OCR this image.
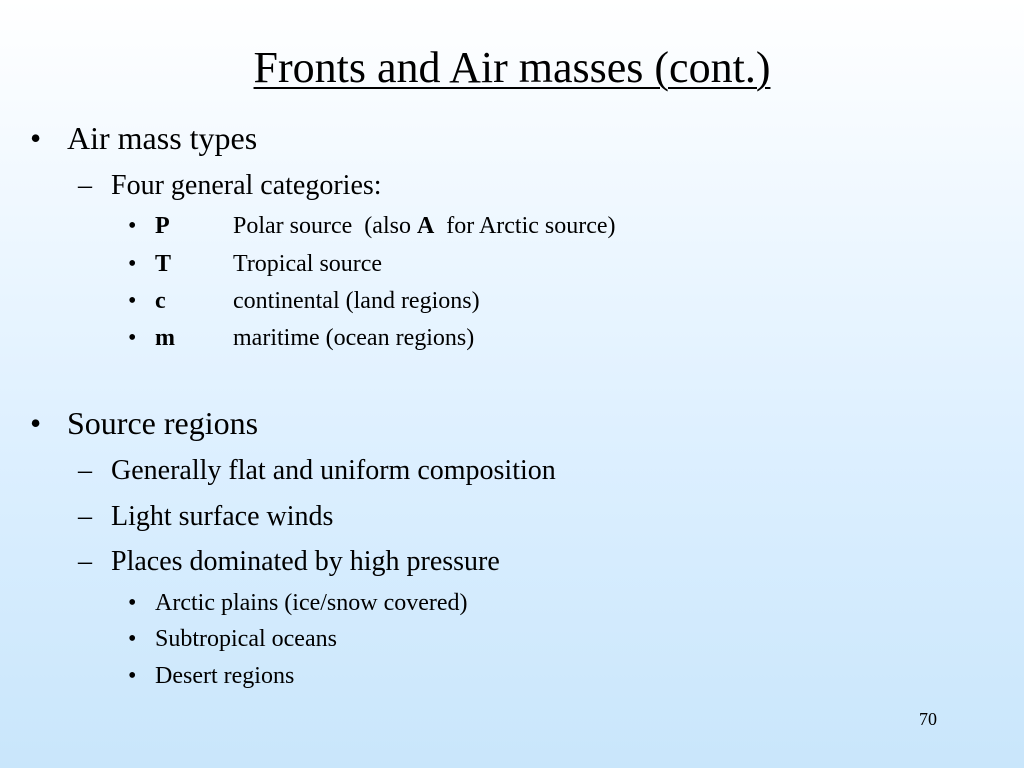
Fronts and Air masses (cont.)
• Air mass types
– Four general categories:
• P	Polar source  (also A  for Arctic source)
• T	Tropical source
• c	continental (land regions)
• m maritime (ocean regions)
• Source regions
– Generally flat and uniform composition
– Light surface winds
– Places dominated by high pressure
• Arctic plains (ice/snow covered)
• Subtropical oceans
• Desert regions
70
